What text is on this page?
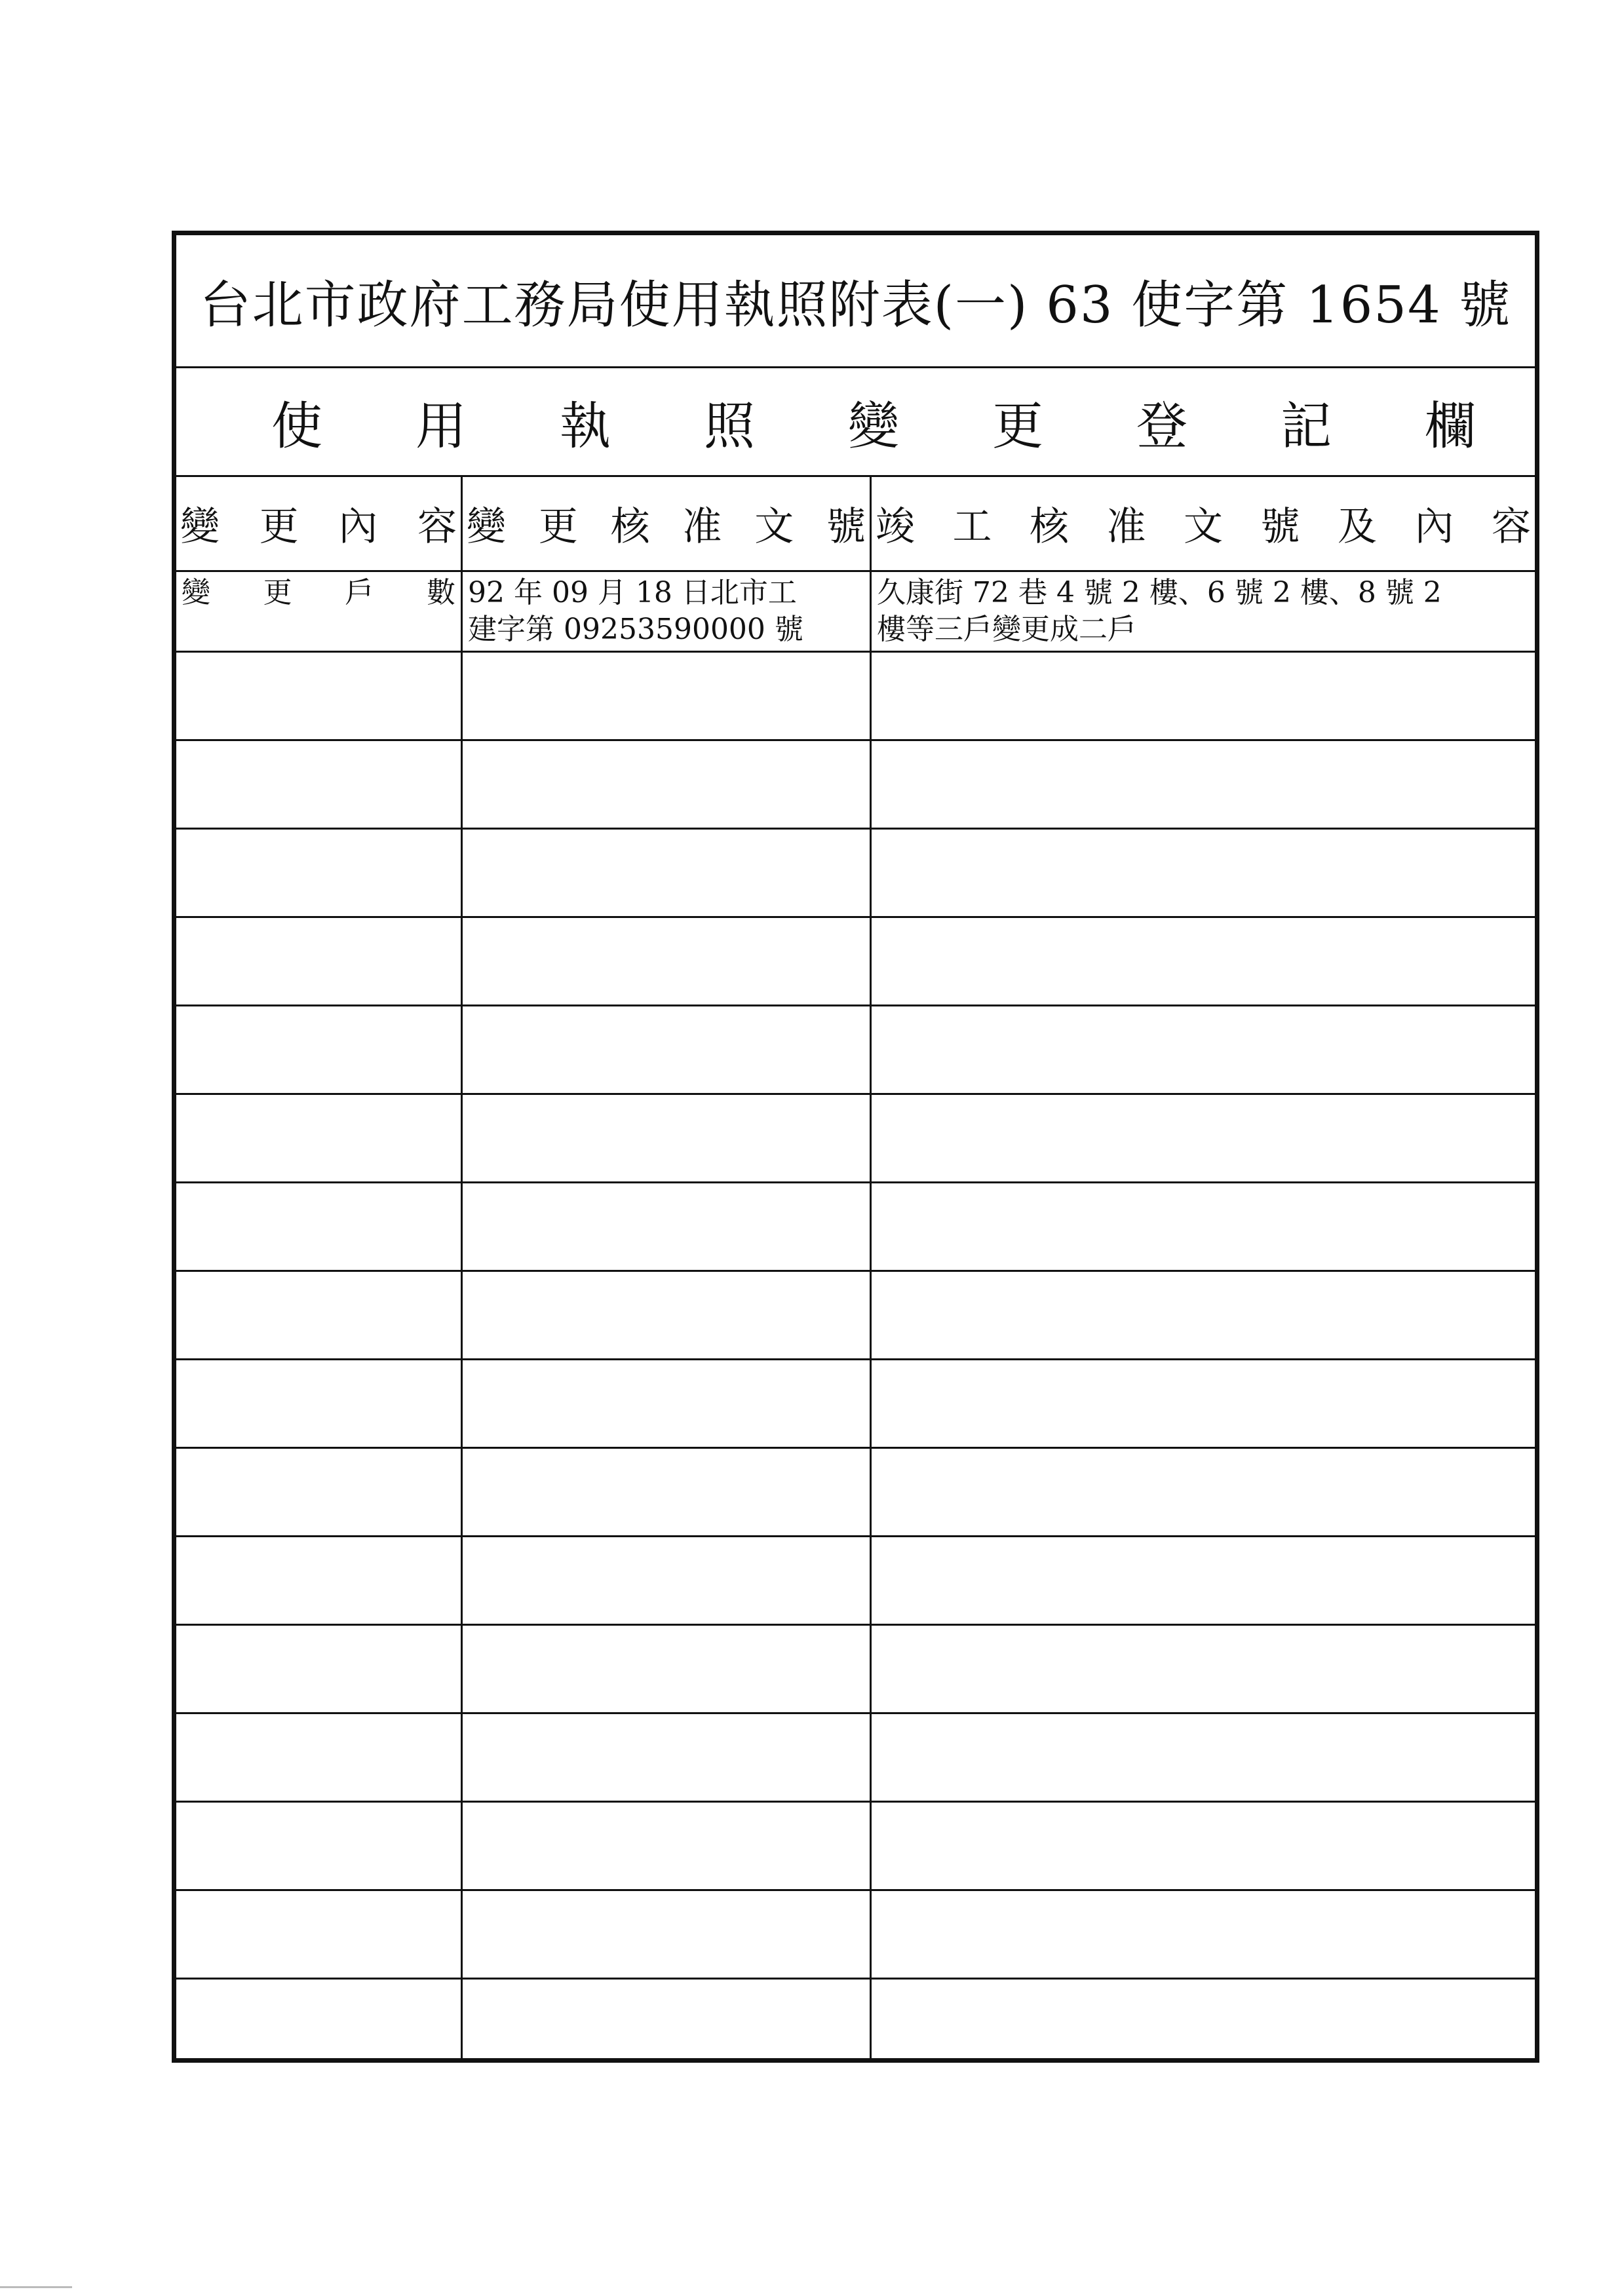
台北市政府工務局使用執照附表(一) 63 使字第 1654 號
使 用 執 照 變 更 登 記 欄
變 更 內 容 變 更 核 准 文 號 竣 工 核 准 文 號 及 內 容
變 更 戶 數 92 年 09 月 18 日北市工
建字第 09253590000 號
久康街 72 巷 4 號 2 樓、6 號 2 樓、8 號 2
樓等三戶變更成二戶
